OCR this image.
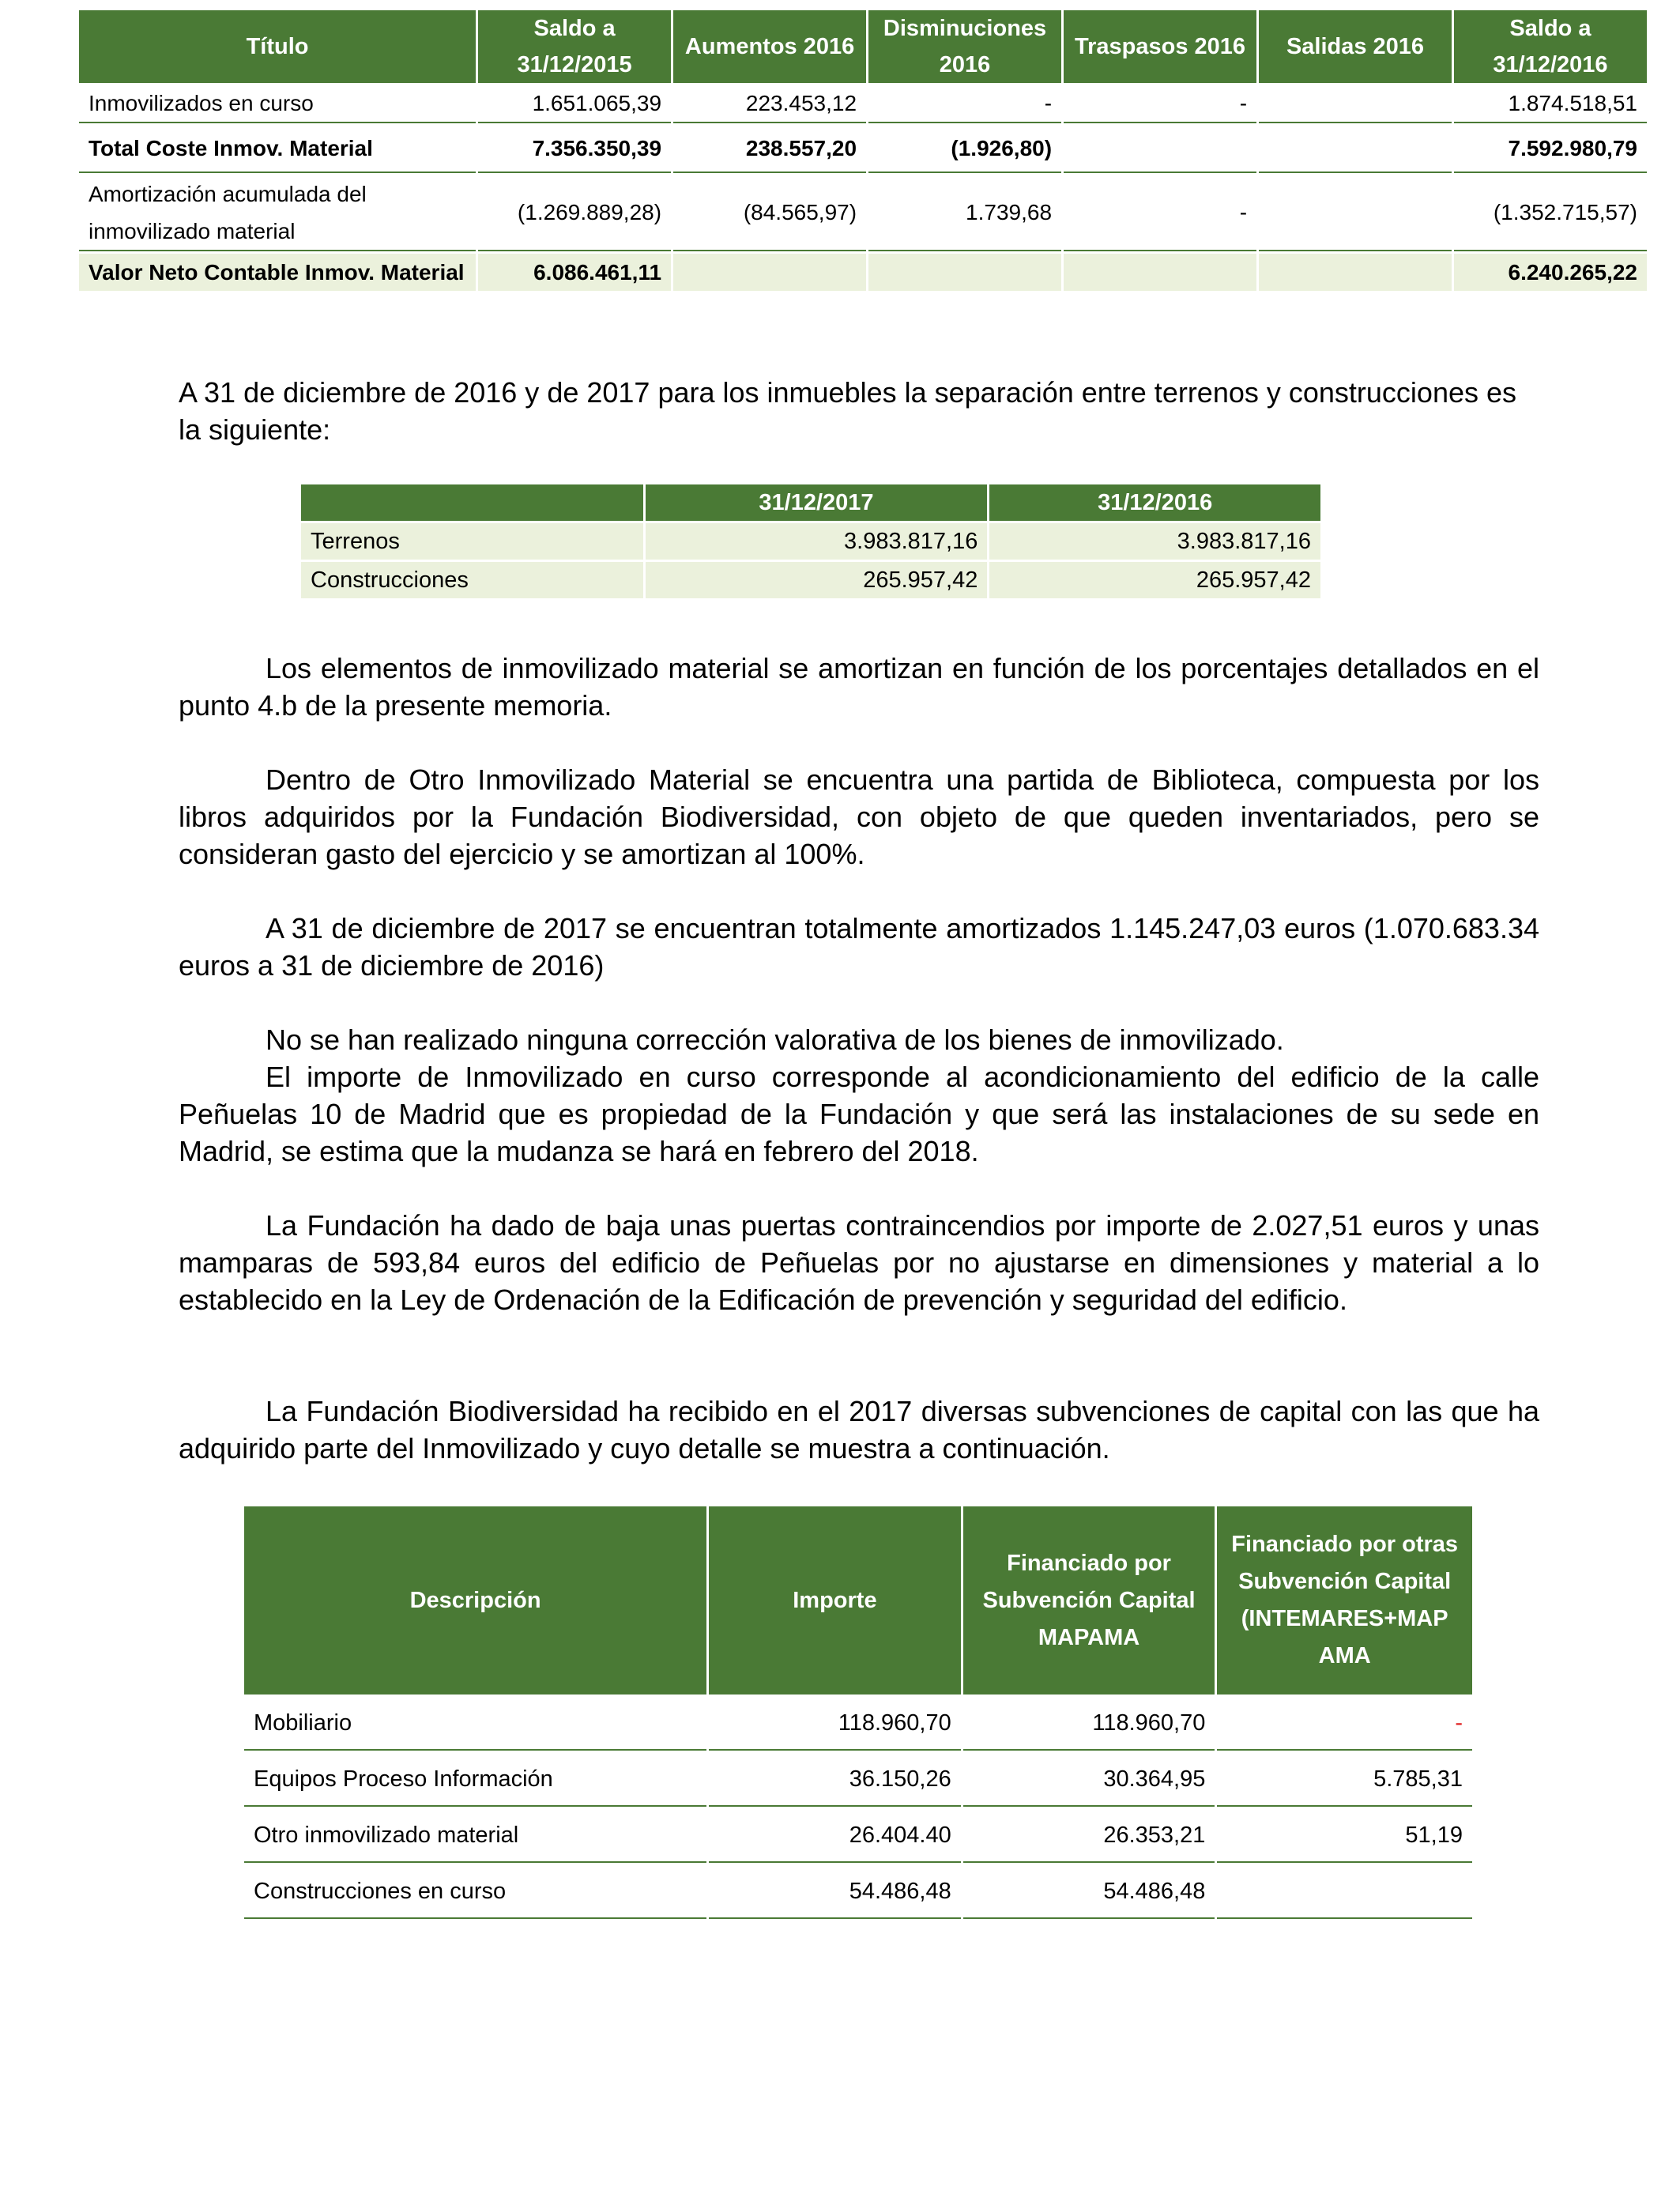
Título	Saldo a 31/12/2015	Aumentos 2016	Disminuciones 2016	Traspasos 2016	Salidas 2016	Saldo a 31/12/2016
Inmovilizados en curso	1.651.065,39	223.453,12	-	-		1.874.518,51
Total Coste Inmov. Material	7.356.350,39	238.557,20	(1.926,80)			7.592.980,79
Amortización acumulada del inmovilizado material	(1.269.889,28)	(84.565,97)	1.739,68	-		(1.352.715,57)
Valor Neto Contable Inmov. Material	6.086.461,11					6.240.265,22

A 31 de diciembre de 2016 y de 2017 para los inmuebles la separación entre terrenos y construcciones es la siguiente:

	31/12/2017	31/12/2016
Terrenos	3.983.817,16	3.983.817,16
Construcciones	265.957,42	265.957,42

Los elementos de inmovilizado material se amortizan en función de los porcentajes detallados en el punto 4.b de la presente memoria.

Dentro de Otro Inmovilizado Material se encuentra una partida de Biblioteca, compuesta por los libros adquiridos por la Fundación Biodiversidad, con objeto de que queden inventariados, pero se consideran gasto del ejercicio y se amortizan al 100%.

A 31 de diciembre de 2017 se encuentran totalmente amortizados 1.145.247,03 euros (1.070.683.34 euros a 31 de diciembre de 2016)

No se han realizado ninguna corrección valorativa de los bienes de inmovilizado.

El importe de Inmovilizado en curso corresponde al acondicionamiento del edificio de la calle Peñuelas 10 de Madrid que es propiedad de la Fundación y que será las instalaciones de su sede en Madrid, se estima que la mudanza se hará en febrero del 2018.

La Fundación ha dado de baja unas puertas contraincendios por importe de 2.027,51 euros y unas mamparas de 593,84 euros del edificio de Peñuelas por no ajustarse en dimensiones y material a lo establecido en la Ley de Ordenación de la Edificación de prevención y seguridad del edificio.

La Fundación Biodiversidad ha recibido en el 2017 diversas subvenciones de capital con las que ha adquirido parte del Inmovilizado y cuyo detalle se muestra a continuación.

Descripción	Importe	Financiado por Subvención Capital MAPAMA	Financiado por otras Subvención Capital (INTEMARES+MAP AMA
Mobiliario	118.960,70	118.960,70	-
Equipos Proceso Información	36.150,26	30.364,95	5.785,31
Otro inmovilizado material	26.404.40	26.353,21	51,19
Construcciones en curso	54.486,48	54.486,48	
